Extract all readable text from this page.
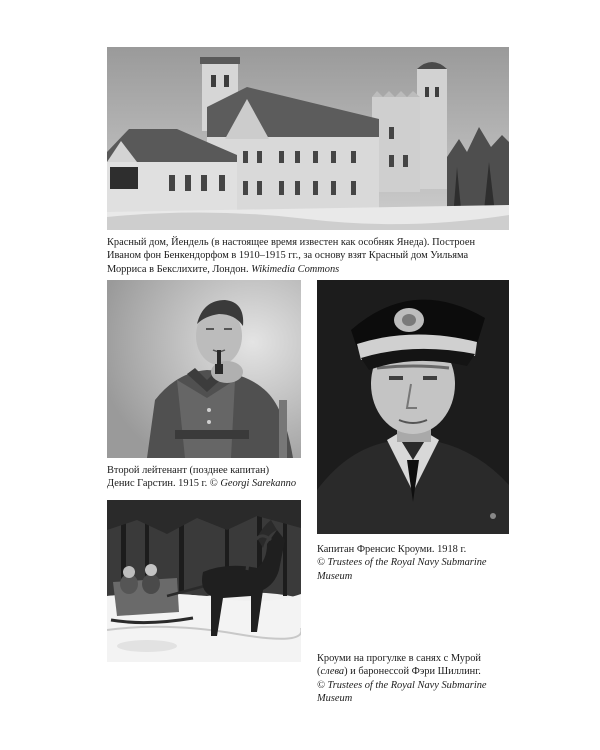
Красный дом, Йендель (в настоящее время известен как особняк Янеда). Построен
Иваном фон Бенкендорфом в 1910–1915 гг., за основу взят Красный дом Уильяма
Морриса в Бекслихите, Лондон. Wikimedia Commons
Второй лейтенант (позднее капитан)
Денис Гарстин. 1915 г. © Georgi Sarekanno
Капитан Френсис Кроуми. 1918 г.
© Trustees of the Royal Navy Submarine
Museum
Кроуми на прогулке в санях с Мурой
(слева) и баронессой Фэри Шиллинг.
© Trustees of the Royal Navy Submarine
Museum
